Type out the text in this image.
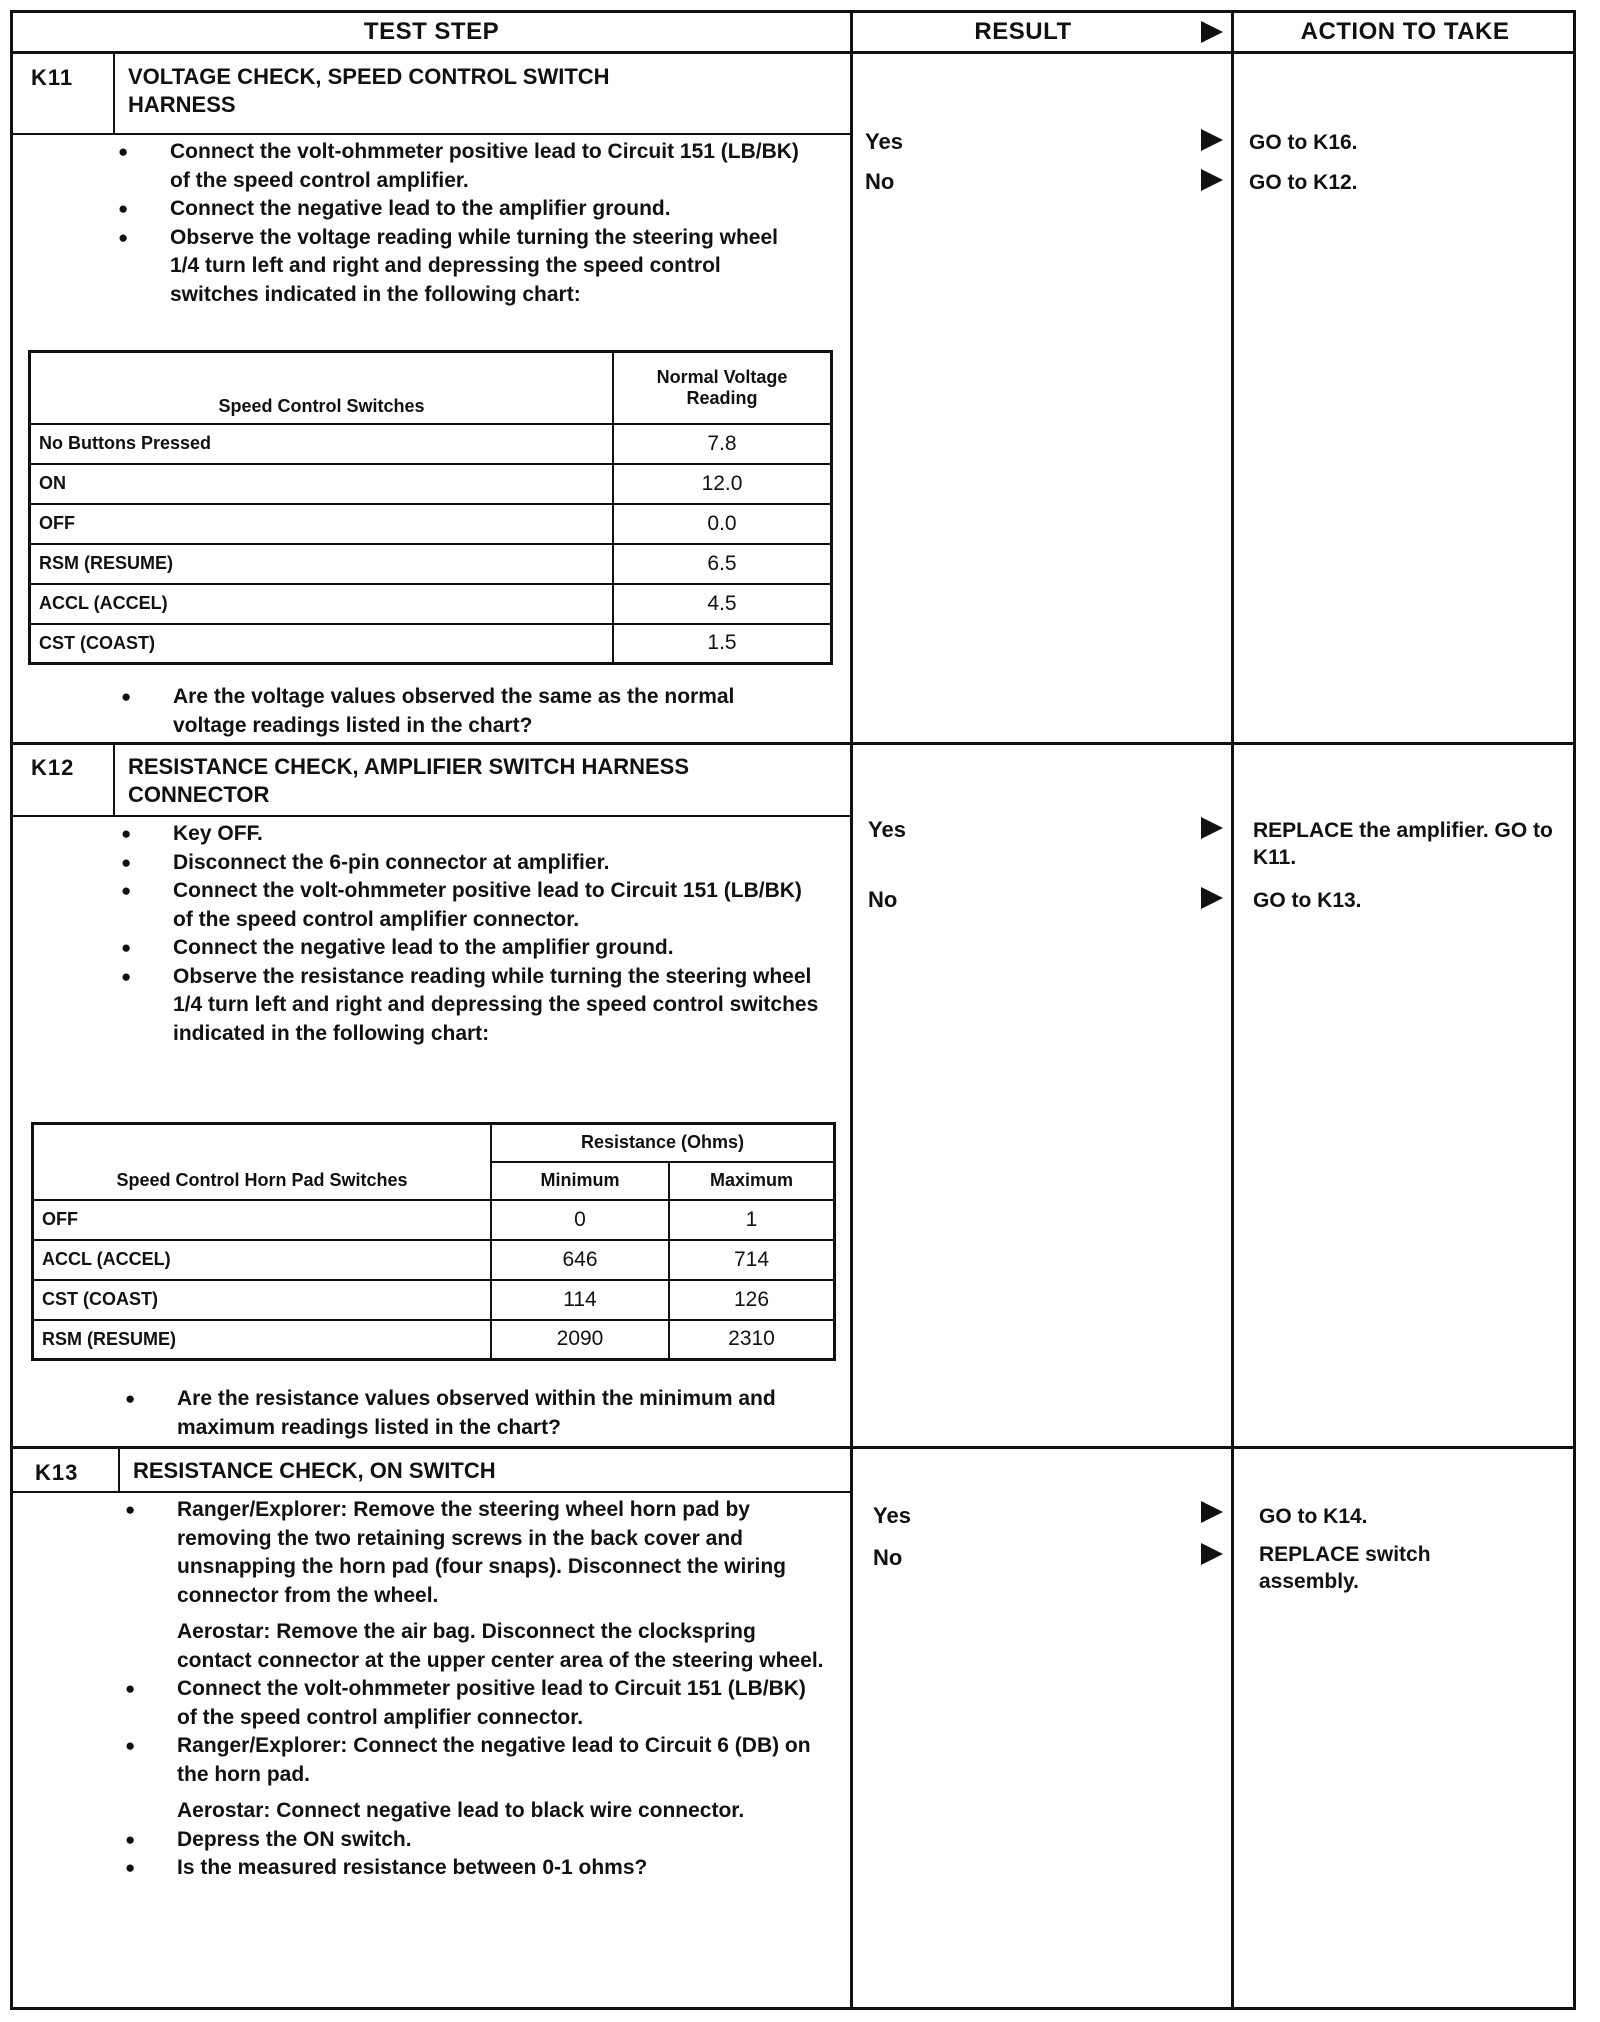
TEST STEP	RESULT	ACTION TO TAKE
K11 VOLTAGE CHECK, SPEED CONTROL SWITCH
HARNESS
● Connect the volt-ohmmeter positive lead to Circuit 151 (LB/BK) of the speed control amplifier.
● Connect the negative lead to the amplifier ground.
● Observe the voltage reading while turning the steering wheel 1/4 turn left and right and depressing the speed control switches indicated in the following chart:
Speed Control Switches	Normal Voltage Reading
No Buttons Pressed	7.8
ON	12.0
OFF	0.0
RSM (RESUME)	6.5
ACCL (ACCEL)	4.5
CST (COAST)	1.5
● Are the voltage values observed the same as the normal voltage readings listed in the chart?
Yes	GO to K16.
No	GO to K12.
K12 RESISTANCE CHECK, AMPLIFIER SWITCH HARNESS
CONNECTOR
● Key OFF.
● Disconnect the 6-pin connector at amplifier.
● Connect the volt-ohmmeter positive lead to Circuit 151 (LB/BK) of the speed control amplifier connector.
● Connect the negative lead to the amplifier ground.
● Observe the resistance reading while turning the steering wheel 1/4 turn left and right and depressing the speed control switches indicated in the following chart:
Speed Control Horn Pad Switches	Resistance (Ohms)	
	Minimum	Maximum
OFF	0	1
ACCL (ACCEL)	646	714
CST (COAST)	114	126
RSM (RESUME)	2090	2310
● Are the resistance values observed within the minimum and maximum readings listed in the chart?
Yes	REPLACE the amplifier. GO to K11.
No	GO to K13.
K13 RESISTANCE CHECK, ON SWITCH
● Ranger/Explorer: Remove the steering wheel horn pad by removing the two retaining screws in the back cover and unsnapping the horn pad (four snaps). Disconnect the wiring connector from the wheel.
Aerostar: Remove the air bag. Disconnect the clockspring contact connector at the upper center area of the steering wheel.
● Connect the volt-ohmmeter positive lead to Circuit 151 (LB/BK) of the speed control amplifier connector.
● Ranger/Explorer: Connect the negative lead to Circuit 6 (DB) on the horn pad.
Aerostar: Connect negative lead to black wire connector.
● Depress the ON switch.
● Is the measured resistance between 0-1 ohms?
Yes	GO to K14.
No	REPLACE switch assembly.
